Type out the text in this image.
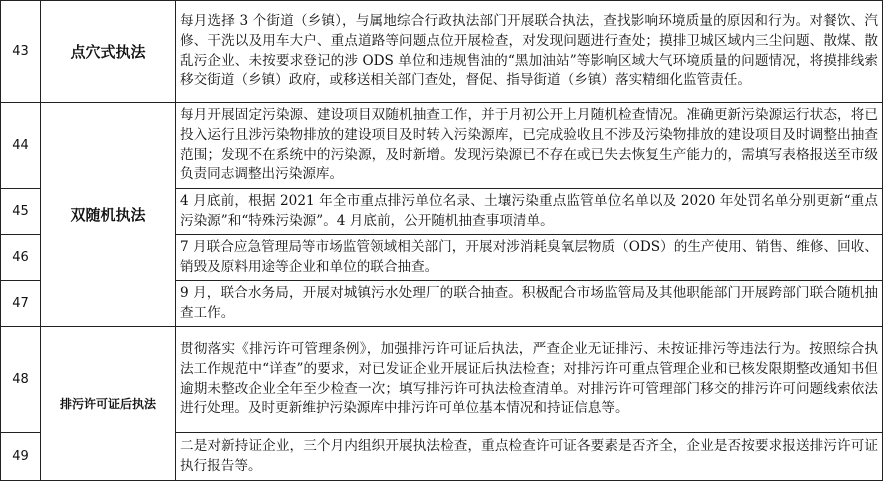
43	点穴式执法	每月选择 3 个街道（乡镇），与属地综合行政执法部门开展联合执法，查找影响环境质量的原因和行为。对餐饮、汽修、干洗以及用车大户、重点道路等问题点位开展检查，对发现问题进行查处；摸排卫城区域内三尘问题、散煤、散乱污企业、未按要求登记的涉 ODS 单位和违规售油的“黑加油站”等影响区域大气环境质量的问题情况，将摸排线索移交街道（乡镇）政府，或移送相关部门查处，督促、指导街道（乡镇）落实精细化监管责任。
44	双随机执法	每月开展固定污染源、建设项目双随机抽查工作，并于月初公开上月随机检查情况。准确更新污染源运行状态，将已投入运行且涉污染物排放的建设项目及时转入污染源库，已完成验收且不涉及污染物排放的建设项目及时调整出抽查范围；发现不在系统中的污染源，及时新增。发现污染源已不存在或已失去恢复生产能力的，需填写表格报送至市级负责同志调整出污染源库。
45		4 月底前，根据 2021 年全市重点排污单位名录、土壤污染重点监管单位名单以及 2020 年处罚名单分别更新“重点污染源”和“特殊污染源”。4 月底前，公开随机抽查事项清单。
46		7 月联合应急管理局等市场监管领域相关部门，开展对涉消耗臭氧层物质（ODS）的生产使用、销售、维修、回收、销毁及原料用途等企业和单位的联合抽查。
47		9 月，联合水务局，开展对城镇污水处理厂的联合抽查。积极配合市场监管局及其他职能部门开展跨部门联合随机抽查工作。
48	排污许可证后执法	贯彻落实《排污许可管理条例》，加强排污许可证后执法，严查企业无证排污、未按证排污等违法行为。按照综合执法工作规范中“详查”的要求，对已发证企业开展证后执法检查；对排污许可重点管理企业和已核发限期整改通知书但逾期未整改企业全年至少检查一次；填写排污许可执法检查清单。对排污许可管理部门移交的排污许可问题线索依法进行处理。及时更新维护污染源库中排污许可单位基本情况和持证信息等。
49		二是对新持证企业，三个月内组织开展执法检查，重点检查许可证各要素是否齐全，企业是否按要求报送排污许可证执行报告等。
